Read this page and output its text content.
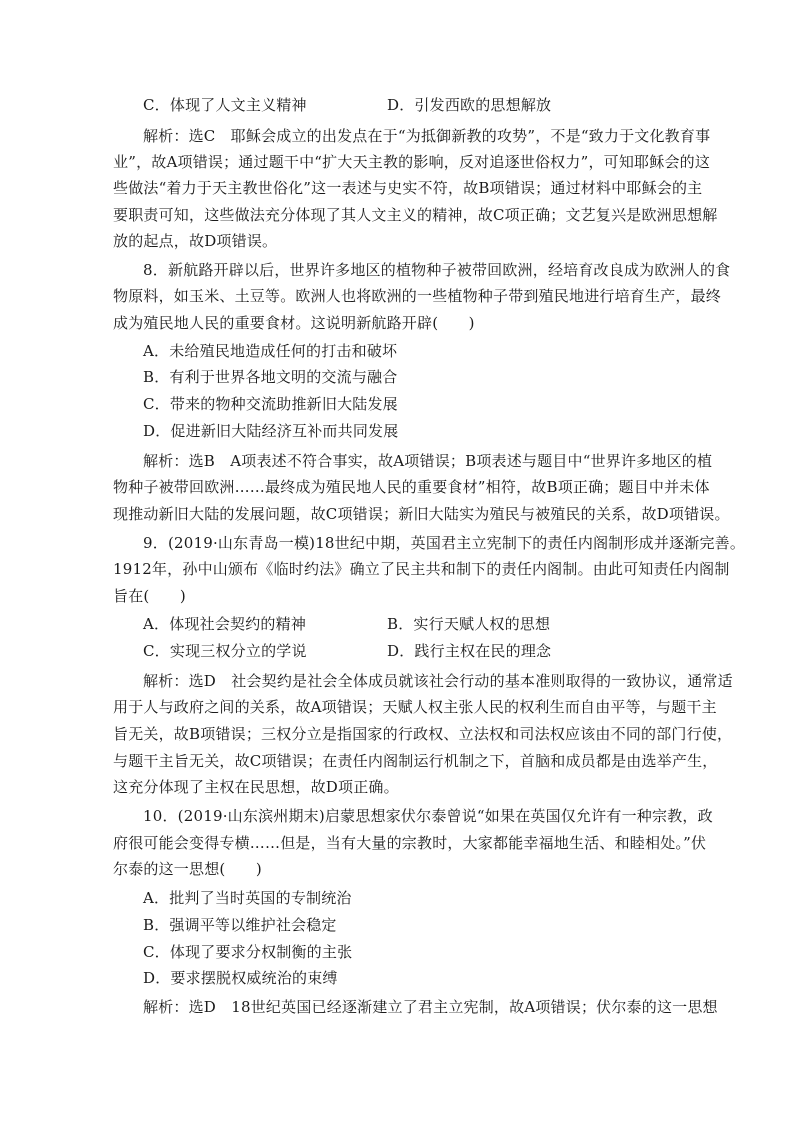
C．体现了人文主义精神	D．引发西欧的思想解放
解析：选C　耶稣会成立的出发点在于“为抵御新教的攻势”，不是“致力于文化教育事
业”，故A项错误；通过题干中“扩大天主教的影响，反对追逐世俗权力”，可知耶稣会的这
些做法“着力于天主教世俗化”这一表述与史实不符，故B项错误；通过材料中耶稣会的主
要职责可知，这些做法充分体现了其人文主义的精神，故C项正确；文艺复兴是欧洲思想解
放的起点，故D项错误。
8．新航路开辟以后，世界许多地区的植物种子被带回欧洲，经培育改良成为欧洲人的食
物原料，如玉米、土豆等。欧洲人也将欧洲的一些植物种子带到殖民地进行培育生产，最终
成为殖民地人民的重要食材。这说明新航路开辟(　　)
A．未给殖民地造成任何的打击和破坏
B．有利于世界各地文明的交流与融合
C．带来的物种交流助推新旧大陆发展
D．促进新旧大陆经济互补而共同发展
解析：选B　A项表述不符合事实，故A项错误；B项表述与题目中“世界许多地区的植
物种子被带回欧洲……最终成为殖民地人民的重要食材”相符，故B项正确；题目中并未体
现推动新旧大陆的发展问题，故C项错误；新旧大陆实为殖民与被殖民的关系，故D项错误。
9．(2019·山东青岛一模)18世纪中期，英国君主立宪制下的责任内阁制形成并逐渐完善。
1912年，孙中山颁布《临时约法》确立了民主共和制下的责任内阁制。由此可知责任内阁制
旨在(　　)
A．体现社会契约的精神	B．实行天赋人权的思想
C．实现三权分立的学说	D．践行主权在民的理念
解析：选D　社会契约是社会全体成员就该社会行动的基本准则取得的一致协议，通常适
用于人与政府之间的关系，故A项错误；天赋人权主张人民的权利生而自由平等，与题干主
旨无关，故B项错误；三权分立是指国家的行政权、立法权和司法权应该由不同的部门行使，
与题干主旨无关，故C项错误；在责任内阁制运行机制之下，首脑和成员都是由选举产生，
这充分体现了主权在民思想，故D项正确。
10．(2019·山东滨州期末)启蒙思想家伏尔泰曾说“如果在英国仅允许有一种宗教，政
府很可能会变得专横……但是，当有大量的宗教时，大家都能幸福地生活、和睦相处。”伏
尔泰的这一思想(　　)
A．批判了当时英国的专制统治
B．强调平等以维护社会稳定
C．体现了要求分权制衡的主张
D．要求摆脱权威统治的束缚
解析：选D　18世纪英国已经逐渐建立了君主立宪制，故A项错误；伏尔泰的这一思想
